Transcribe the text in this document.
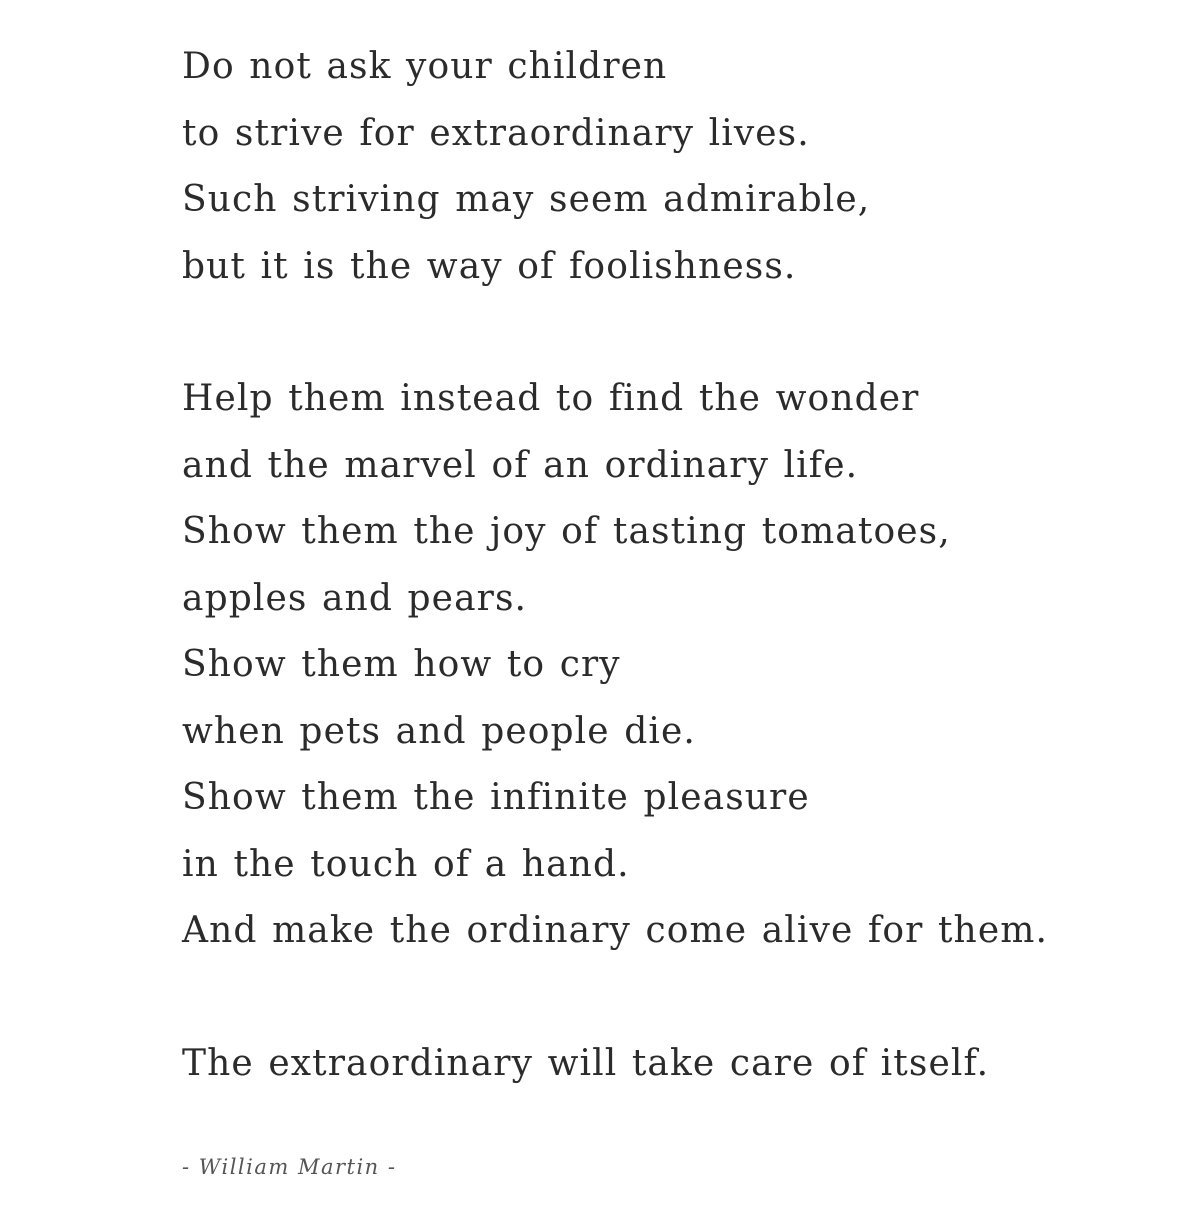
Do not ask your children
to strive for extraordinary lives.
Such striving may seem admirable,
but it is the way of foolishness.
Help them instead to find the wonder
and the marvel of an ordinary life.
Show them the joy of tasting tomatoes,
apples and pears.
Show them how to cry
when pets and people die.
Show them the infinite pleasure
in the touch of a hand.
And make the ordinary come alive for them.
The extraordinary will take care of itself.
- William Martin -
